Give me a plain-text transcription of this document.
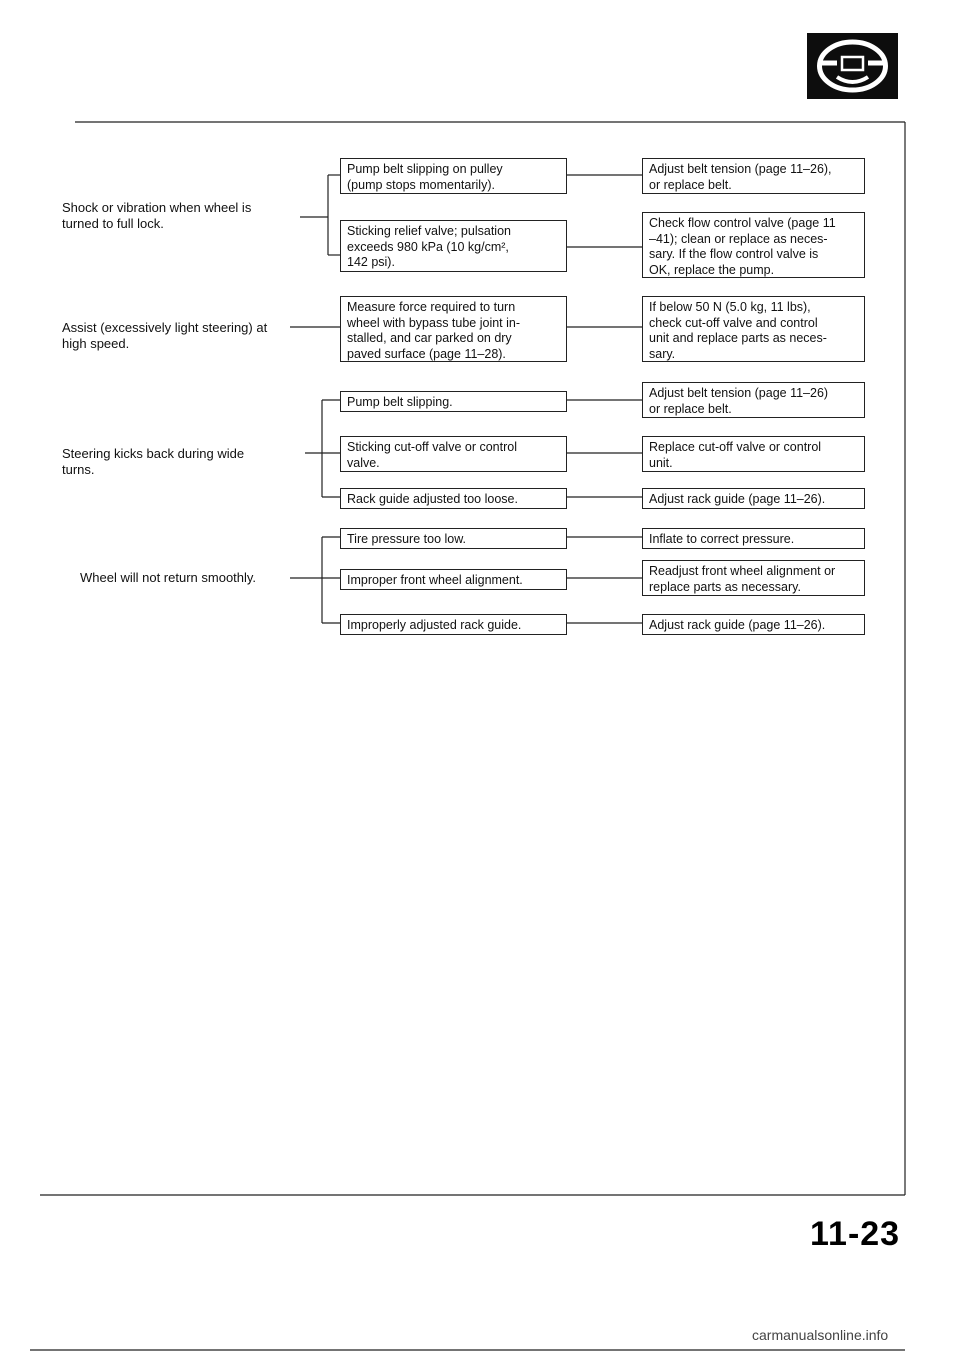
Shock or vibration when wheel is
turned to full lock.
Assist (excessively light steering) at
high speed.
Steering kicks back during wide
turns.
Wheel will not return smoothly.
Pump belt slipping on pulley
(pump stops momentarily).
Sticking relief valve; pulsation
exceeds 980 kPa (10 kg/cm²,
142 psi).
Measure force required to turn
wheel with bypass tube joint in-
stalled, and car parked on dry
paved surface (page 11–28).
Pump belt slipping.
Sticking cut-off valve or control
valve.
Rack guide adjusted too loose.
Tire pressure too low.
Improper front wheel alignment.
Improperly adjusted rack guide.
Adjust belt tension (page 11–26),
or replace belt.
Check flow control valve (page 11
–41); clean or replace as neces-
sary. If the flow control valve is
OK, replace the pump.
If below 50 N (5.0 kg, 11 lbs),
check cut-off valve and control
unit and replace parts as neces-
sary.
Adjust belt tension (page 11–26)
or replace belt.
Replace cut-off valve or control
unit.
Adjust rack guide (page 11–26).
Inflate to correct pressure.
Readjust front wheel alignment or
replace parts as necessary.
Adjust rack guide (page 11–26).
11-23
carmanualsonline.info
